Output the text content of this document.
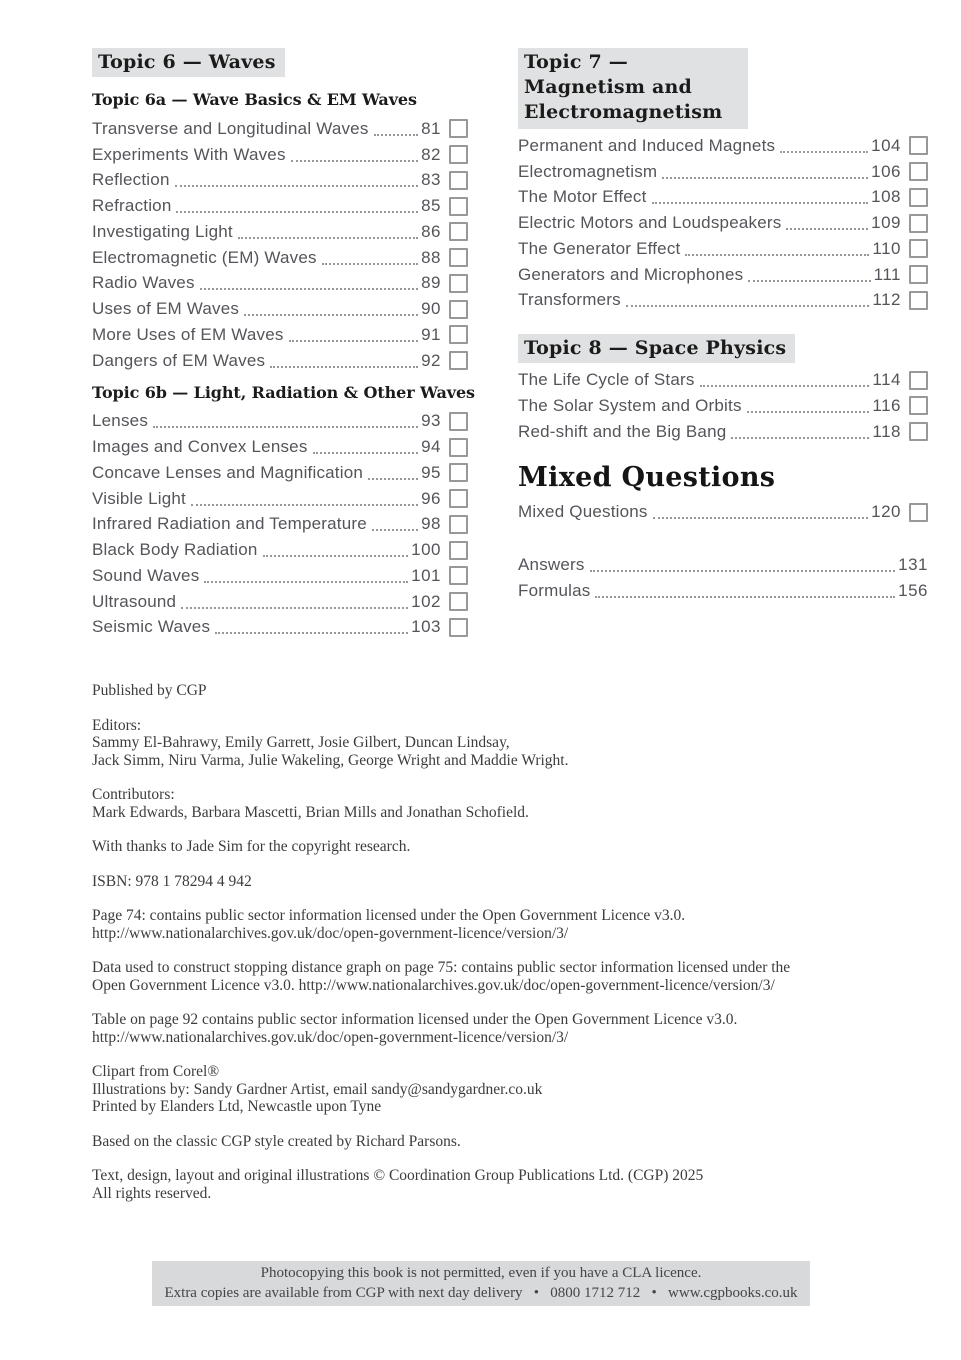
Topic 6 — Waves
Topic 6a — Wave Basics & EM Waves
Transverse and Longitudinal Waves	81
Experiments With Waves	82
Reflection	83
Refraction	85
Investigating Light	86
Electromagnetic (EM) Waves	88
Radio Waves	89
Uses of EM Waves	90
More Uses of EM Waves	91
Dangers of EM Waves	92
Topic 6b — Light, Radiation & Other Waves
Lenses	93
Images and Convex Lenses	94
Concave Lenses and Magnification	95
Visible Light	96
Infrared Radiation and Temperature	98
Black Body Radiation	100
Sound Waves	101
Ultrasound	102
Seismic Waves	103
Topic 7 — Magnetism and Electromagnetism
Permanent and Induced Magnets	104
Electromagnetism	106
The Motor Effect	108
Electric Motors and Loudspeakers	109
The Generator Effect	110
Generators and Microphones	111
Transformers	112
Topic 8 — Space Physics
The Life Cycle of Stars	114
The Solar System and Orbits	116
Red-shift and the Big Bang	118
Mixed Questions
Mixed Questions	120
Answers	131
Formulas	156
Published by CGP
Editors:
Sammy El-Bahrawy, Emily Garrett, Josie Gilbert, Duncan Lindsay,
Jack Simm, Niru Varma, Julie Wakeling, George Wright and Maddie Wright.
Contributors:
Mark Edwards, Barbara Mascetti, Brian Mills and Jonathan Schofield.
With thanks to Jade Sim for the copyright research.
ISBN: 978 1 78294 4 942
Page 74: contains public sector information licensed under the Open Government Licence v3.0.
http://www.nationalarchives.gov.uk/doc/open-government-licence/version/3/
Data used to construct stopping distance graph on page 75: contains public sector information licensed under the
Open Government Licence v3.0. http://www.nationalarchives.gov.uk/doc/open-government-licence/version/3/
Table on page 92 contains public sector information licensed under the Open Government Licence v3.0.
http://www.nationalarchives.gov.uk/doc/open-government-licence/version/3/
Clipart from Corel®
Illustrations by: Sandy Gardner Artist, email sandy@sandygardner.co.uk
Printed by Elanders Ltd, Newcastle upon Tyne
Based on the classic CGP style created by Richard Parsons.
Text, design, layout and original illustrations © Coordination Group Publications Ltd. (CGP) 2025
All rights reserved.
Photocopying this book is not permitted, even if you have a CLA licence.
Extra copies are available from CGP with next day delivery   •   0800 1712 712   •   www.cgpbooks.co.uk
